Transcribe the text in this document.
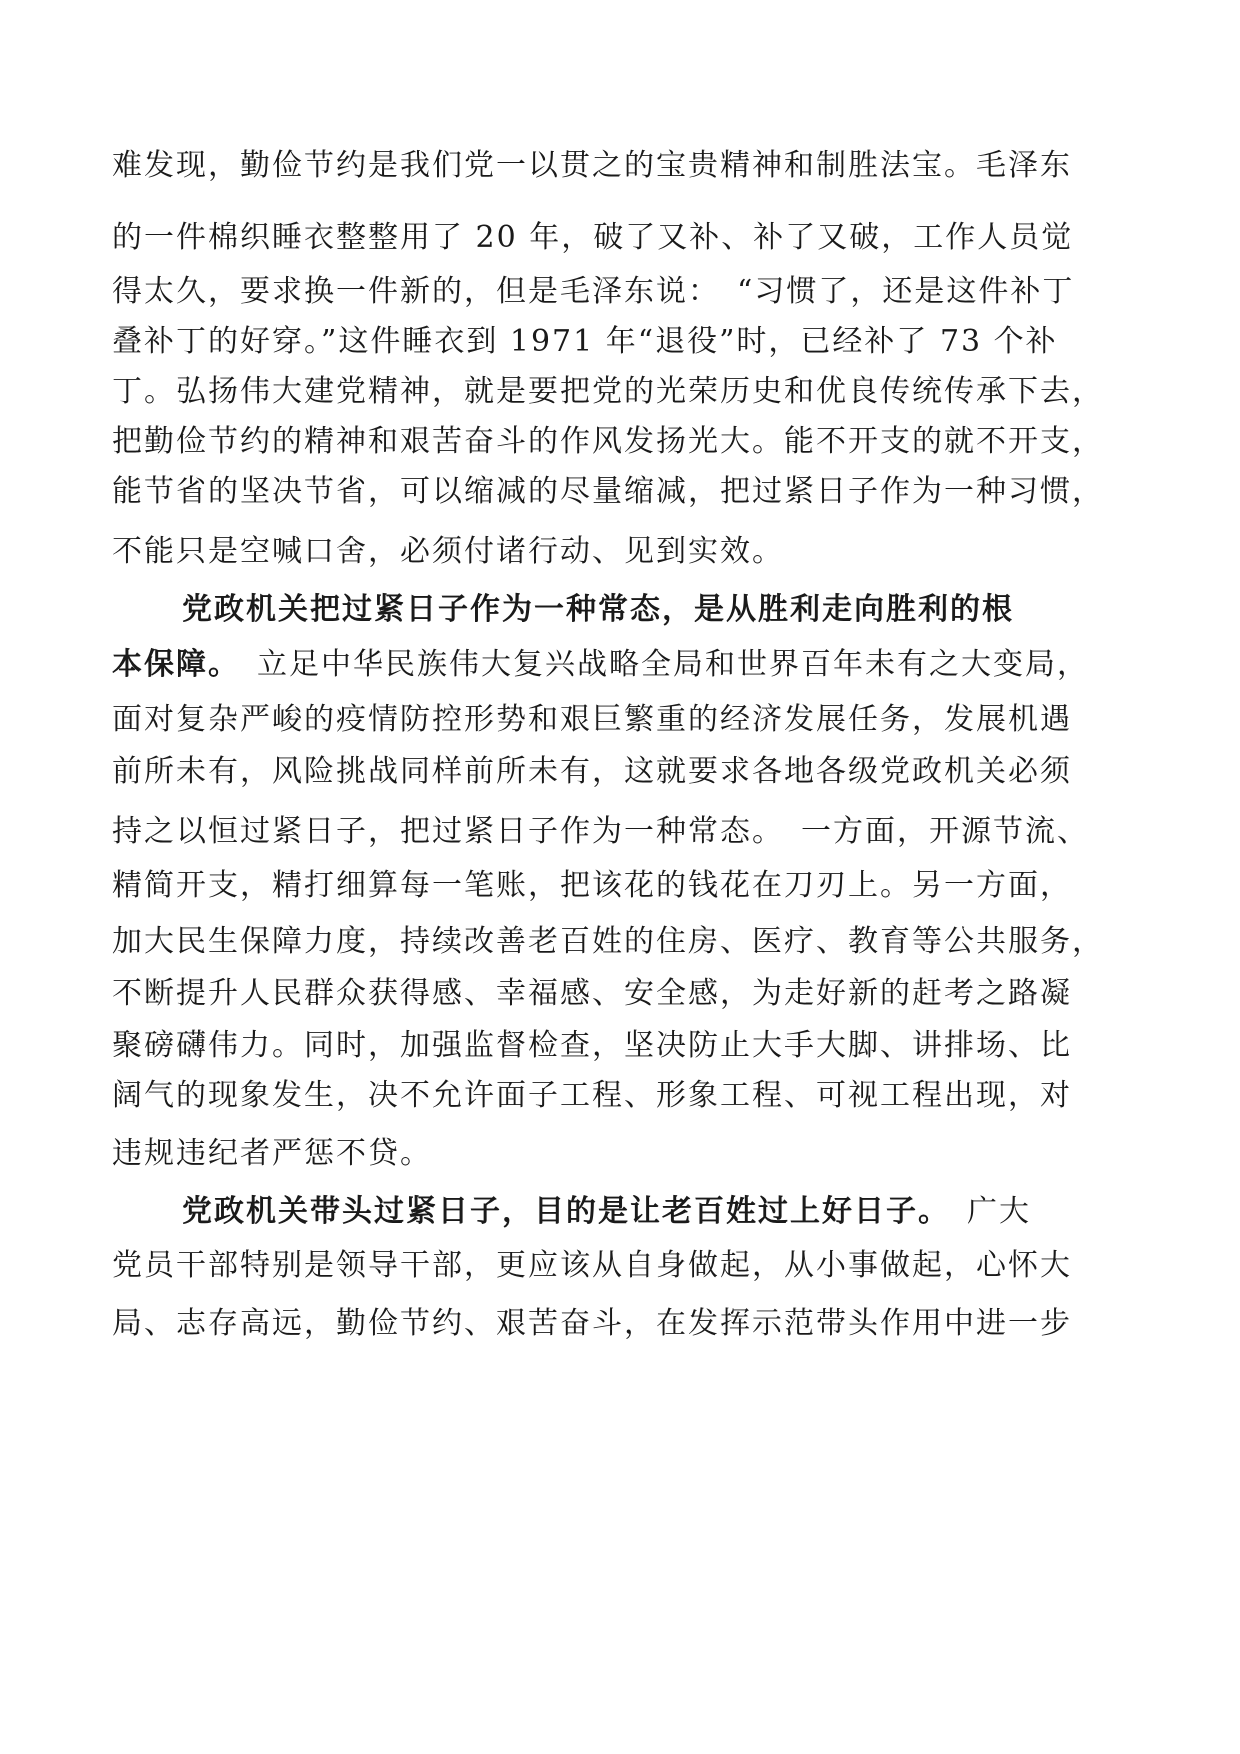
难发现，勤俭节约是我们党一以贯之的宝贵精神和制胜法宝。毛泽东
的一件棉织睡衣整整用了 20 年，破了又补、补了又破，工作人员觉
得太久，要求换一件新的，但是毛泽东说：　“习惯了，还是这件补丁
叠补丁的好穿。”这件睡衣到 1971 年“退役”时，已经补了 73 个补
丁。弘扬伟大建党精神，就是要把党的光荣历史和优良传统传承下去，
把勤俭节约的精神和艰苦奋斗的作风发扬光大。能不开支的就不开支，
能节省的坚决节省，可以缩减的尽量缩减，把过紧日子作为一种习惯，
不能只是空喊口舍，必须付诸行动、见到实效。
党政机关把过紧日子作为一种常态，是从胜利走向胜利的根
本保障。　立足中华民族伟大复兴战略全局和世界百年未有之大变局，
面对复杂严峻的疫情防控形势和艰巨繁重的经济发展任务，发展机遇
前所未有，风险挑战同样前所未有，这就要求各地各级党政机关必须
持之以恒过紧日子，把过紧日子作为一种常态。　一方面，开源节流、
精简开支，精打细算每一笔账，把该花的钱花在刀刃上。另一方面，
加大民生保障力度，持续改善老百姓的住房、医疗、教育等公共服务，
不断提升人民群众获得感、幸福感、安全感，为走好新的赶考之路凝
聚磅礴伟力。同时，加强监督检查，坚决防止大手大脚、讲排场、比
阔气的现象发生，决不允许面子工程、形象工程、可视工程出现，对
违规违纪者严惩不贷。
党政机关带头过紧日子，目的是让老百姓过上好日子。　广大
党员干部特别是领导干部，更应该从自身做起，从小事做起，心怀大
局、志存高远，勤俭节约、艰苦奋斗，在发挥示范带头作用中进一步
